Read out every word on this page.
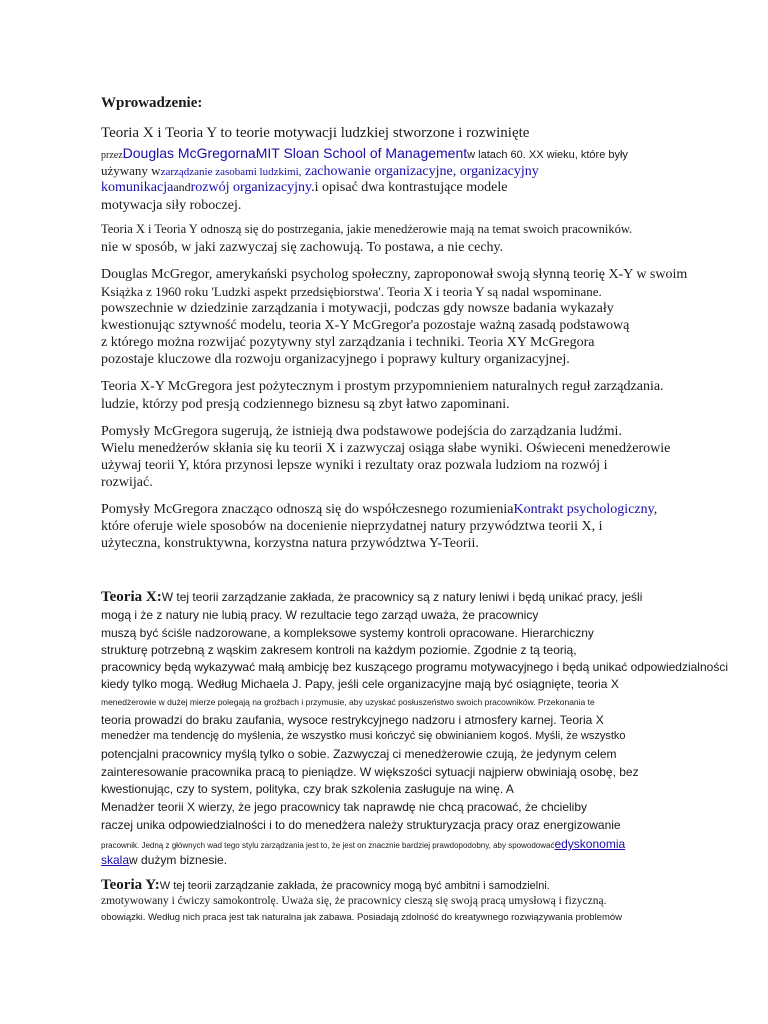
Wprowadzenie:
Teoria X i Teoria Y to teorie motywacji ludzkiej stworzone i rozwinięte
przezDouglas McGregornaMIT Sloan School of Managementw latach 60. XX wieku, które były
używany wzarządzanie zasobami ludzkimi, zachowanie organizacyjne, organizacyjny
komunikacjaandrozwój organizacyjny.i opisać dwa kontrastujące modele
motywacja siły roboczej.
Teoria X i Teoria Y odnoszą się do postrzegania, jakie menedżerowie mają na temat swoich pracowników.
nie w sposób, w jaki zazwyczaj się zachowują. To postawa, a nie cechy.
Douglas McGregor, amerykański psycholog społeczny, zaproponował swoją słynną teorię X-Y w swoim
Książka z 1960 roku 'Ludzki aspekt przedsiębiorstwa'. Teoria X i teoria Y są nadal wspominane.
powszechnie w dziedzinie zarządzania i motywacji, podczas gdy nowsze badania wykazały
kwestionując sztywność modelu, teoria X-Y McGregor'a pozostaje ważną zasadą podstawową
z którego można rozwijać pozytywny styl zarządzania i techniki. Teoria XY McGregora
pozostaje kluczowe dla rozwoju organizacyjnego i poprawy kultury organizacyjnej.
Teoria X-Y McGregora jest pożytecznym i prostym przypomnieniem naturalnych reguł zarządzania.
ludzie, którzy pod presją codziennego biznesu są zbyt łatwo zapominani.
Pomysły McGregora sugerują, że istnieją dwa podstawowe podejścia do zarządzania ludźmi.
Wielu menedżerów skłania się ku teorii X i zazwyczaj osiąga słabe wyniki. Oświeceni menedżerowie
używaj teorii Y, która przynosi lepsze wyniki i rezultaty oraz pozwala ludziom na rozwój i
rozwijać.
Pomysły McGregora znacząco odnoszą się do współczesnego rozumieniaKontrakt psychologiczny,
które oferuje wiele sposobów na docenienie nieprzydatnej natury przywództwa teorii X, i
użyteczna, konstruktywna, korzystna natura przywództwa Y-Teorii.
Teoria X:W tej teorii zarządzanie zakłada, że pracownicy są z natury leniwi i będą unikać pracy, jeśli
mogą i że z natury nie lubią pracy. W rezultacie tego zarząd uważa, że pracownicy
muszą być ściśle nadzorowane, a kompleksowe systemy kontroli opracowane. Hierarchiczny
strukturę potrzebną z wąskim zakresem kontroli na każdym poziomie. Zgodnie z tą teorią,
pracownicy będą wykazywać małą ambicję bez kuszącego programu motywacyjnego i będą unikać odpowiedzialności
kiedy tylko mogą. Według Michaela J. Papy, jeśli cele organizacyjne mają być osiągnięte, teoria X
menedżerowie w dużej mierze polegają na groźbach i przymusie, aby uzyskać posłuszeństwo swoich pracowników. Przekonania te
teoria prowadzi do braku zaufania, wysoce restrykcyjnego nadzoru i atmosfery karnej. Teoria X
menedżer ma tendencję do myślenia, że wszystko musi kończyć się obwinianiem kogoś. Myśli, że wszystko
potencjalni pracownicy myślą tylko o sobie. Zazwyczaj ci menedżerowie czują, że jedynym celem
zainteresowanie pracownika pracą to pieniądze. W większości sytuacji najpierw obwiniają osobę, bez
kwestionując, czy to system, polityka, czy brak szkolenia zasługuje na winę. A
Menadżer teorii X wierzy, że jego pracownicy tak naprawdę nie chcą pracować, że chcieliby
raczej unika odpowiedzialności i to do menedżera należy strukturyzacja pracy oraz energizowanie
pracownik. Jedną z głównych wad tego stylu zarządzania jest to, że jest on znacznie bardziej prawdopodobny, aby spowodowaćedyskonomia
skalaw dużym biznesie.
Teoria Y:W tej teorii zarządzanie zakłada, że pracownicy mogą być ambitni i samodzielni.
zmotywowany i ćwiczy samokontrolę. Uważa się, że pracownicy cieszą się swoją pracą umysłową i fizyczną.
obowiązki. Według nich praca jest tak naturalna jak zabawa. Posiadają zdolność do kreatywnego rozwiązywania problemów
